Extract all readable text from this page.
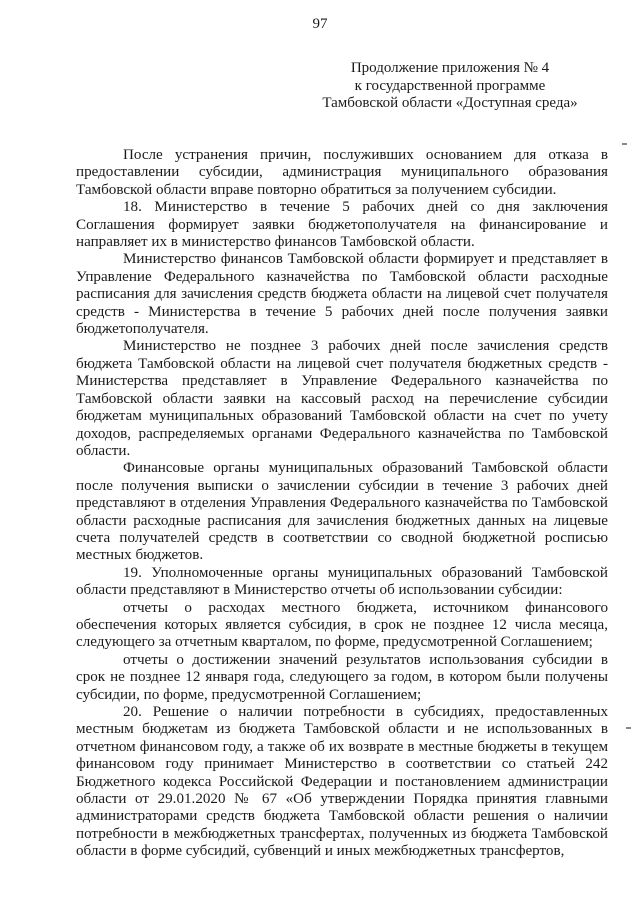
97
Продолжение приложения № 4
к государственной программе
Тамбовской области «Доступная среда»

После устранения причин, послуживших основанием для отказа в предоставлении субсидии, администрация муниципального образования Тамбовской области вправе повторно обратиться за получением субсидии.

18. Министерство в течение 5 рабочих дней со дня заключения Соглашения формирует заявки бюджетополучателя на финансирование и направляет их в министерство финансов Тамбовской области.

Министерство финансов Тамбовской области формирует и представляет в Управление Федерального казначейства по Тамбовской области расходные расписания для зачисления средств бюджета области на лицевой счет получателя средств - Министерства в течение 5 рабочих дней после получения заявки бюджетополучателя.

Министерство не позднее 3 рабочих дней после зачисления средств бюджета Тамбовской области на лицевой счет получателя бюджетных средств - Министерства представляет в Управление Федерального казначейства по Тамбовской области заявки на кассовый расход на перечисление субсидии бюджетам муниципальных образований Тамбовской области на счет по учету доходов, распределяемых органами Федерального казначейства по Тамбовской области.

Финансовые органы муниципальных образований Тамбовской области после получения выписки о зачислении субсидии в течение 3 рабочих дней представляют в отделения Управления Федерального казначейства по Тамбовской области расходные расписания для зачисления бюджетных данных на лицевые счета получателей средств в соответствии со сводной бюджетной росписью местных бюджетов.

19. Уполномоченные органы муниципальных образований Тамбовской области представляют в Министерство отчеты об использовании субсидии:

отчеты о расходах местного бюджета, источником финансового обеспечения которых является субсидия, в срок не позднее 12 числа месяца, следующего за отчетным кварталом, по форме, предусмотренной Соглашением;

отчеты о достижении значений результатов использования субсидии в срок не позднее 12 января года, следующего за годом, в котором были получены субсидии, по форме, предусмотренной Соглашением;

20. Решение о наличии потребности в субсидиях, предоставленных местным бюджетам из бюджета Тамбовской области и не использованных в отчетном финансовом году, а также об их возврате в местные бюджеты в текущем финансовом году принимает Министерство в соответствии со статьей 242 Бюджетного кодекса Российской Федерации и постановлением администрации области от 29.01.2020 № 67 «Об утверждении Порядка принятия главными администраторами средств бюджета Тамбовской области решения о наличии потребности в межбюджетных трансфертах, полученных из бюджета Тамбовской области в форме субсидий, субвенций и иных межбюджетных трансфертов,
